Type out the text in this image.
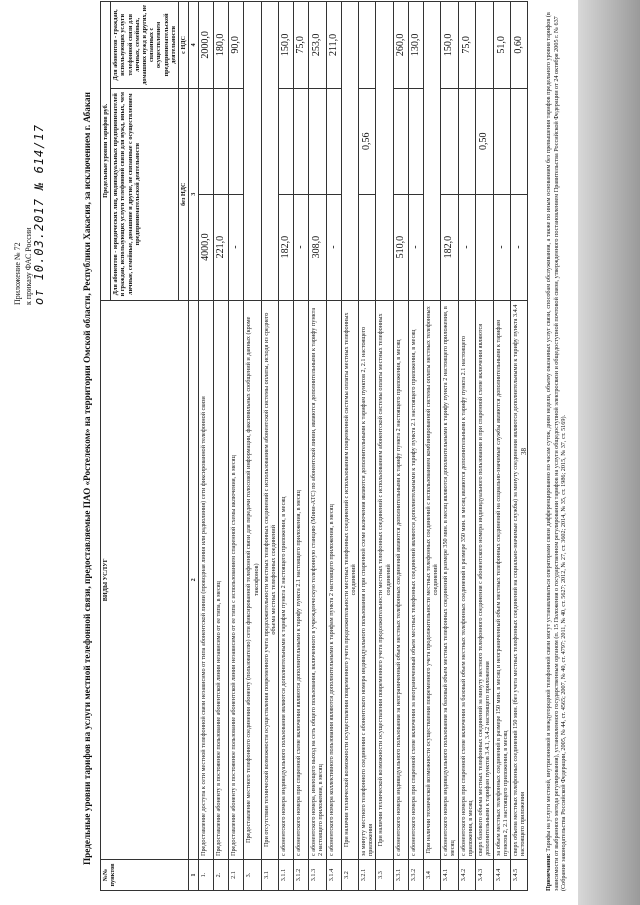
Приложение № 72 к приказу ФАС России от 10.03.2017 № 614/17	Предельные уровни тарифов на услуги местной телефонной связи, предоставляемые ПАО «Ростелеком» на территории Омской области, Республики Хакасия, за исключением г. Абакан
№№ пунктов	ВИДЫ УСЛУГ	Предельные уровни тарифов руб.		
		Для абонентов - юридических лиц, индивидуальных предпринимателей и граждан, использующих услуги телефонной связи для нужд, иных, чем личные, семейные, домашние и другие, не связанные с осуществлением предпринимательской деятельности		Для абонентов - граждан, использующих услуги телефонной связи для личных, семейных, домашних нужд и других, не связанных с осуществлением предпринимательской деятельности
		без НДС		с НДС
1	2	3		4
1.	Предоставление доступа к сети местной телефонной связи независимо от типа абонентской линии (проводная линия или радиолиния) сети фиксированной телефонной связи	4000,0		2000,0
2.	Предоставление абоненту в постоянное пользование абонентской линии независимо от ее типа, в месяц	221,0		180,0
2.1	Предоставление абоненту в постоянное пользование абонентской линии независимо от ее типа с использованием спаренной схемы включения, в месяц	-		90,0
3.	Предоставление местного телефонного соединения абоненту (пользователю) сети фиксированной телефонной связи для передачи голосовой информации, факсимильных сообщений и данных (кроме таксофонов)			
3.1	При отсутствии технической возможности осуществления повременного учета продолжительности местных телефонных соединений с использованием абонентской системы оплаты, исходя из среднего объема местных телефонных соединений			
3.1.1	с абонентского номера индивидуального пользования являются дополнительными к тарифам пункта 2 настоящего приложения, в месяц	182,0		150,0
3.1.2	с абонентского номера при спаренной схеме включения являются дополнительными к тарифу пункта 2.1 настоящего приложения, в месяц	-		75,0
3.1.3	с абонентского номера, имеющего выход на сеть общего пользования, включенного в учрежденческую телефонную станцию (Мини-АТС) по абонентской линии, являются дополнительными к тарифу пункта 2 настоящего приложения, в месяц	308,0		253,0
3.1.4	с абонентского номера коллективного пользования являются дополнительными к тарифам пункта 2 настоящего приложения, в месяц	-		211,0
3.2	При наличии технической возможности осуществления повременного учета продолжительности местных телефонных соединений с использованием повременной системы оплаты местных телефонных соединений			
3.2.1	за минуту местного телефонного соединения с абонентского номера индивидуального пользования и при спаренной схеме включения являются дополнительными к тарифам пунктов 2, 2.1 настоящего приложения		0,56	
3.3	При наличии технической возможности осуществления повременного учета продолжительности местных телефонных соединений с использованием абонентской системы оплаты местных телефонных соединений			
3.3.1	с абонентского номера индивидуального пользования за неограниченный объем местных телефонных соединений являются дополнительными к тарифу пункта 2 настоящего приложения, в месяц	510,0		260,0
3.3.2	с абонентского номера при спаренной схеме включения за неограниченный объем местных телефонных соединений являются дополнительными к тарифу пункта 2.1 настоящего приложения, в месяц	-		130,0
3.4	При наличии технической возможности осуществления повременного учета продолжительности местных телефонных соединений с использованием комбинированной системы оплаты местных телефонных соединений			
3.4.1	с абонентского номера индивидуального пользования за базовый объем местных телефонных соединений в размере 350 мин. в месяц являются дополнительными к тарифу пункта 2 настоящего приложения, в месяц	182,0		150,0
3.4.2	с абонентского номера при спаренной схеме включения за базовый объем местных телефонных соединений в размере 350 мин. в месяц являются дополнительными к тарифу пункта 2.1 настоящего приложения, в месяц	-		75,0
3.4.3	сверх базового объема местных телефонных соединений за минуту местного телефонного соединения с абонентского номера индивидуального пользования и при спаренной схеме включения являются дополнительными к тарифам пунктов 3.4.1, 3.4.2 настоящего приложения		0,50	
3.4.4	за объем местных телефонных соединений в размере 150 мин. в месяц и неограниченный объем местных телефонных соединений на социально-значимые службы являются дополнительными к тарифам пунктов 2, 2.1 настоящего приложения, в месяц	-		51,0
3.4.5	сверх объема местных телефонных соединений 150 мин. (без учета местных телефонных соединений на социально-значимые службы) за минуту соединения являются дополнительными к тарифу пункта 3.4.4 настоящего приложения	-		0,60
38
Примечания: Тарифы на услуги местной, внутризоновой и междугородной телефонной связи могут устанавливаться операторами связи дифференцированно по часам суток, дням недели, объему оказанных услуг связи, способам обслуживания, а также по иным основаниям без превышения тарифов предельного уровня тарифов (в зависимости от выбранного метода регулирования), установленного государственным органом (п. 15 Положения о государственном регулировании тарифов на услуги общедоступной электросвязи и общедоступной почтовой связи, утвержденного постановлением Правительства Российской Федерации от 24 октября 2005 г. № 637 (Собрание законодательства Российской Федерации, 2005, № 44, ст. 4565; 2007, № 40, ст. 4797; 2011, № 40, ст. 5627; 2012, № 27, ст. 3602; 2014, № 35, ст. 1986; 2015, № 37, ст. 5169).
